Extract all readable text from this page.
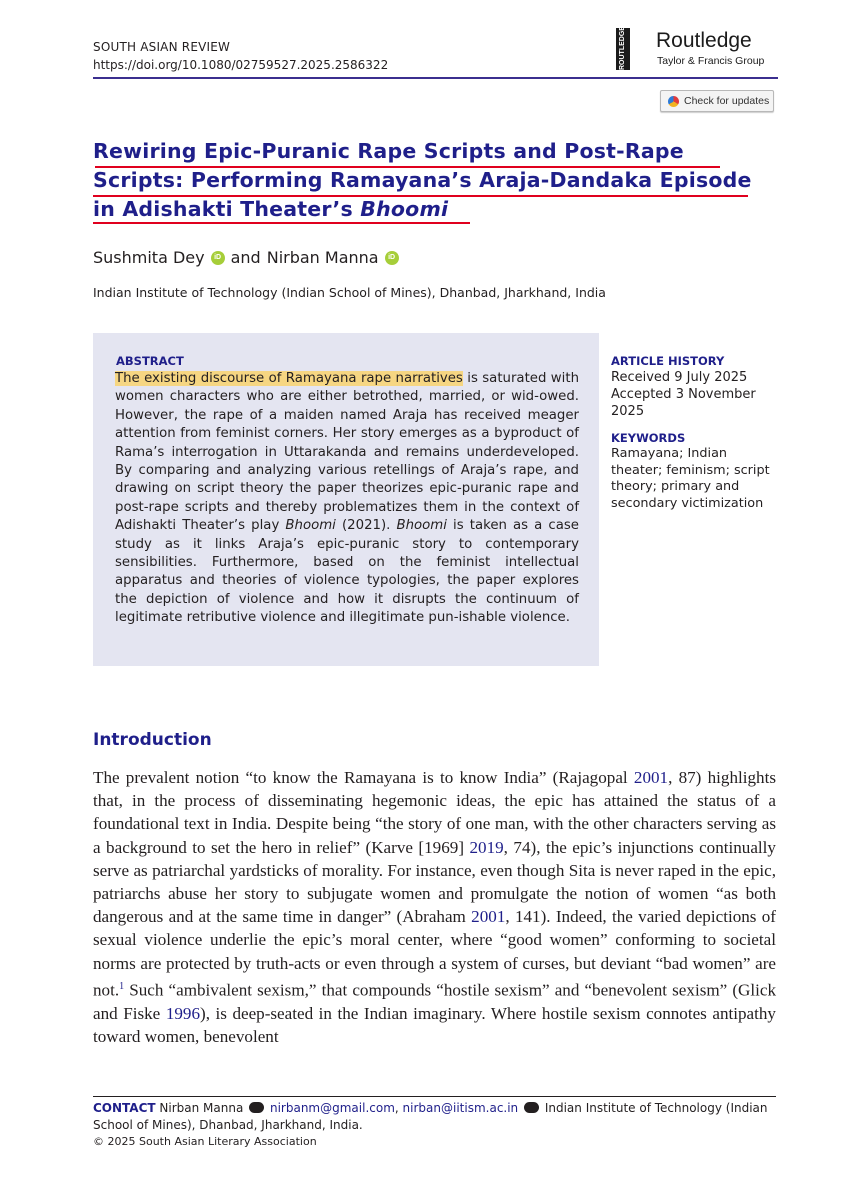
SOUTH ASIAN REVIEW
https://doi.org/10.1080/02759527.2025.2586322	ROUTLEDGE Routledge
Taylor & Francis Group
Check for updates
Rewiring Epic-Puranic Rape Scripts and Post-Rape
Scripts: Performing Ramayana’s Araja-Dandaka Episode
in Adishakti Theater’s Bhoomi
Sushmita Dey	iD and Nirban Manna	iD
Indian Institute of Technology (Indian School of Mines), Dhanbad, Jharkhand, India
ABSTRACT
The existing discourse of Ramayana rape narratives is saturated with women characters who are either betrothed, married, or wid-owed. However, the rape of a maiden named Araja has received meager attention from feminist corners. Her story emerges as a byproduct of Rama’s interrogation in Uttarakanda and remains underdeveloped. By comparing and analyzing various retellings of Araja’s rape, and drawing on script theory the paper theorizes epic-puranic rape and post-rape scripts and thereby problematizes them in the context of Adishakti Theater’s play Bhoomi (2021). Bhoomi is taken as a case study as it links Araja’s epic-puranic story to contemporary sensibilities. Furthermore, based on the feminist intellectual apparatus and theories of violence typologies, the paper explores the depiction of violence and how it disrupts the continuum of legitimate retributive violence and illegitimate pun-ishable violence.
ARTICLE HISTORY
Received 9 July 2025
Accepted 3 November 2025
KEYWORDS
Ramayana; Indian theater; feminism; script theory; primary and secondary victimization
Introduction
The prevalent notion “to know the Ramayana is to know India” (Rajagopal 2001, 87) highlights that, in the process of disseminating hegemonic ideas, the epic has attained the status of a foundational text in India. Despite being “the story of one man, with the other characters serving as a background to set the hero in relief” (Karve [1969] 2019, 74), the epic’s injunctions continually serve as patriarchal yardsticks of morality. For instance, even though Sita is never raped in the epic, patriarchs abuse her story to subjugate women and promulgate the notion of women “as both dangerous and at the same time in danger” (Abraham 2001, 141). Indeed, the varied depictions of sexual violence underlie the epic’s moral center, where “good women” conforming to societal norms are protected by truth-acts or even through a system of curses, but deviant “bad women” are not.$^1$ Such “ambivalent sexism,” that compounds “hostile sexism” and “benevolent sexism” (Glick and Fiske 1996), is deep-seated in the Indian imaginary. Where hostile sexism connotes antipathy toward women, benevolent
CONTACT Nirban Manna nirbanm@gmail.com, nirban@iitism.ac.in Indian Institute of Technology (Indian School of Mines), Dhanbad, Jharkhand, India.
© 2025 South Asian Literary Association
